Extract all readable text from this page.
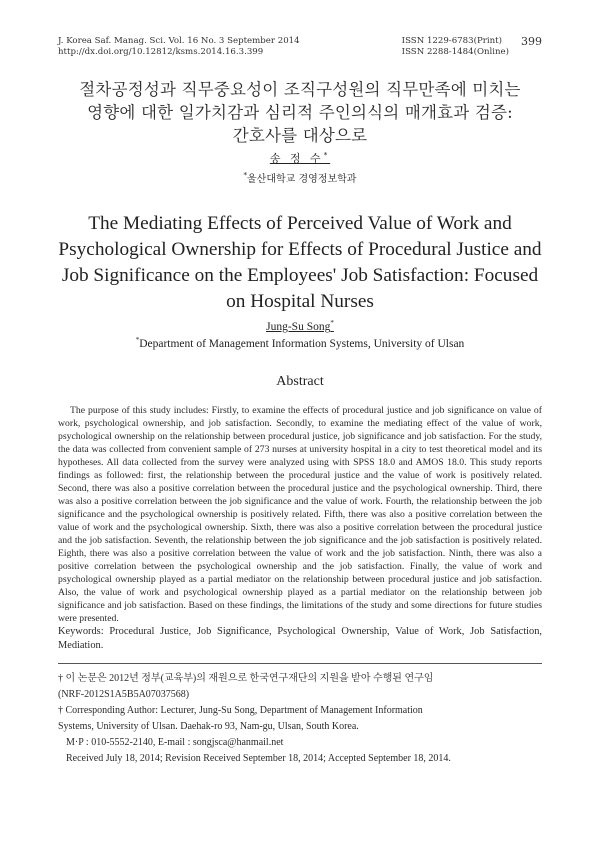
J. Korea Saf. Manag. Sci. Vol. 16 No. 3 September 2014
http://dx.doi.org/10.12812/ksms.2014.16.3.399
ISSN 1229-6783(Print)
ISSN 2288-1484(Online)
399
절차공정성과 직무중요성이 조직구성원의 직무만족에 미치는
영향에 대한 일가치감과 심리적 주인의식의 매개효과 검증:
간호사를 대상으로
송 정 수*
*울산대학교 경영정보학과
The Mediating Effects of Perceived Value of Work and
Psychological Ownership for Effects of Procedural Justice and
Job Significance on the Employees' Job Satisfaction: Focused
on Hospital Nurses
Jung-Su Song*
*Department of Management Information Systems, University of Ulsan
Abstract
The purpose of this study includes: Firstly, to examine the effects of procedural justice and job significance on value of work, psychological ownership, and job satisfaction. Secondly, to examine the mediating effect of the value of work, psychological ownership on the relationship between procedural justice, job significance and job satisfaction. For the study, the data was collected from convenient sample of 273 nurses at university hospital in a city to test theoretical model and its hypotheses. All data collected from the survey were analyzed using with SPSS 18.0 and AMOS 18.0. This study reports findings as followed: first, the relationship between the procedural justice and the value of work is positively related. Second, there was also a positive correlation between the procedural justice and the psychological ownership. Third, there was also a positive correlation between the job significance and the value of work. Fourth, the relationship between the job significance and the psychological ownership is positively related. Fifth, there was also a positive correlation between the value of work and the psychological ownership. Sixth, there was also a positive correlation between the procedural justice and the job satisfaction. Seventh, the relationship between the job significance and the job satisfaction is positively related. Eighth, there was also a positive correlation between the value of work and the job satisfaction. Ninth, there was also a positive correlation between the psychological ownership and the job satisfaction. Finally, the value of work and psychological ownership played as a partial mediator on the relationship between procedural justice and job satisfaction. Also, the value of work and psychological ownership played as a partial mediator on the relationship between job significance and job satisfaction. Based on these findings, the limitations of the study and some directions for future studies were presented.
Keywords: Procedural Justice, Job Significance, Psychological Ownership, Value of Work, Job Satisfaction, Mediation.
† 이 논문은 2012년 정부(교육부)의 재원으로 한국연구재단의 지원을 받아 수행된 연구임
(NRF-2012S1A5B5A07037568)
† Corresponding Author: Lecturer, Jung-Su Song, Department of Management Information
Systems, University of Ulsan. Daehak-ro 93, Nam-gu, Ulsan, South Korea.
M·P : 010-5552-2140, E-mail : songjsca@hanmail.net
Received July 18, 2014; Revision Received September 18, 2014; Accepted September 18, 2014.
